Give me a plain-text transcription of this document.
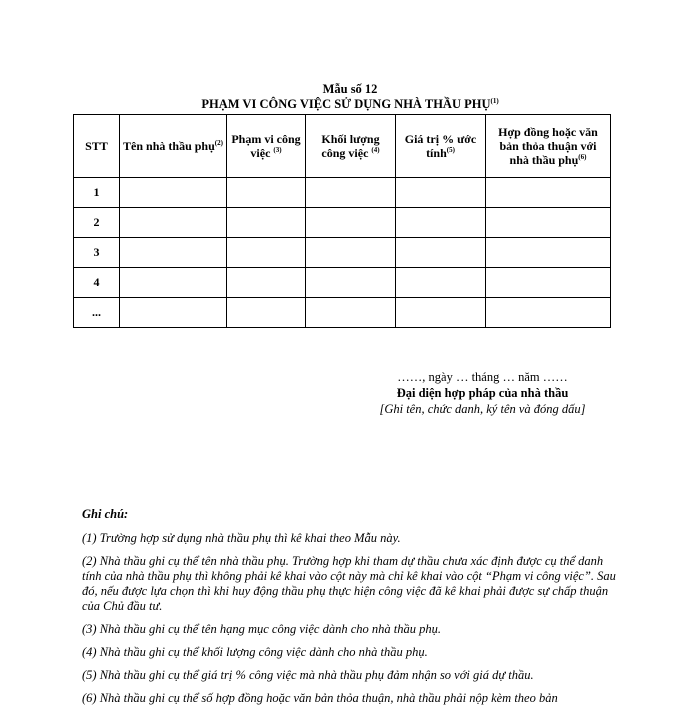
Mẫu số 12
PHẠM VI CÔNG VIỆC SỬ DỤNG NHÀ THẦU PHỤ$^{(1)}$
STT	Tên nhà thầu phụ$^{(2)}$	Phạm vi công việc $^{(3)}$	Khối lượng công việc $^{(4)}$	Giá trị % ước tính$^{(5)}$	Hợp đồng hoặc văn bản thỏa thuận với nhà thầu phụ$^{(6)}$
1					
2					
3					
4					
...					
……, ngày … tháng … năm ……
Đại diện hợp pháp của nhà thầu
[Ghi tên, chức danh, ký tên và đóng dấu]

Ghi chú:

(1) Trường hợp sử dụng nhà thầu phụ thì kê khai theo Mẫu này.

(2) Nhà thầu ghi cụ thể tên nhà thầu phụ. Trường hợp khi tham dự thầu chưa xác định được cụ thể danh tính của nhà thầu phụ thì không phải kê khai vào cột này mà chỉ kê khai vào cột “Phạm vi công việc”. Sau đó, nếu được lựa chọn thì khi huy động thầu phụ thực hiện công việc đã kê khai phải được sự chấp thuận của Chủ đầu tư.

(3) Nhà thầu ghi cụ thể tên hạng mục công việc dành cho nhà thầu phụ.

(4) Nhà thầu ghi cụ thể khối lượng công việc dành cho nhà thầu phụ.

(5) Nhà thầu ghi cụ thể giá trị % công việc mà nhà thầu phụ đảm nhận so với giá dự thầu.

(6) Nhà thầu ghi cụ thể số hợp đồng hoặc văn bản thỏa thuận, nhà thầu phải nộp kèm theo bản
